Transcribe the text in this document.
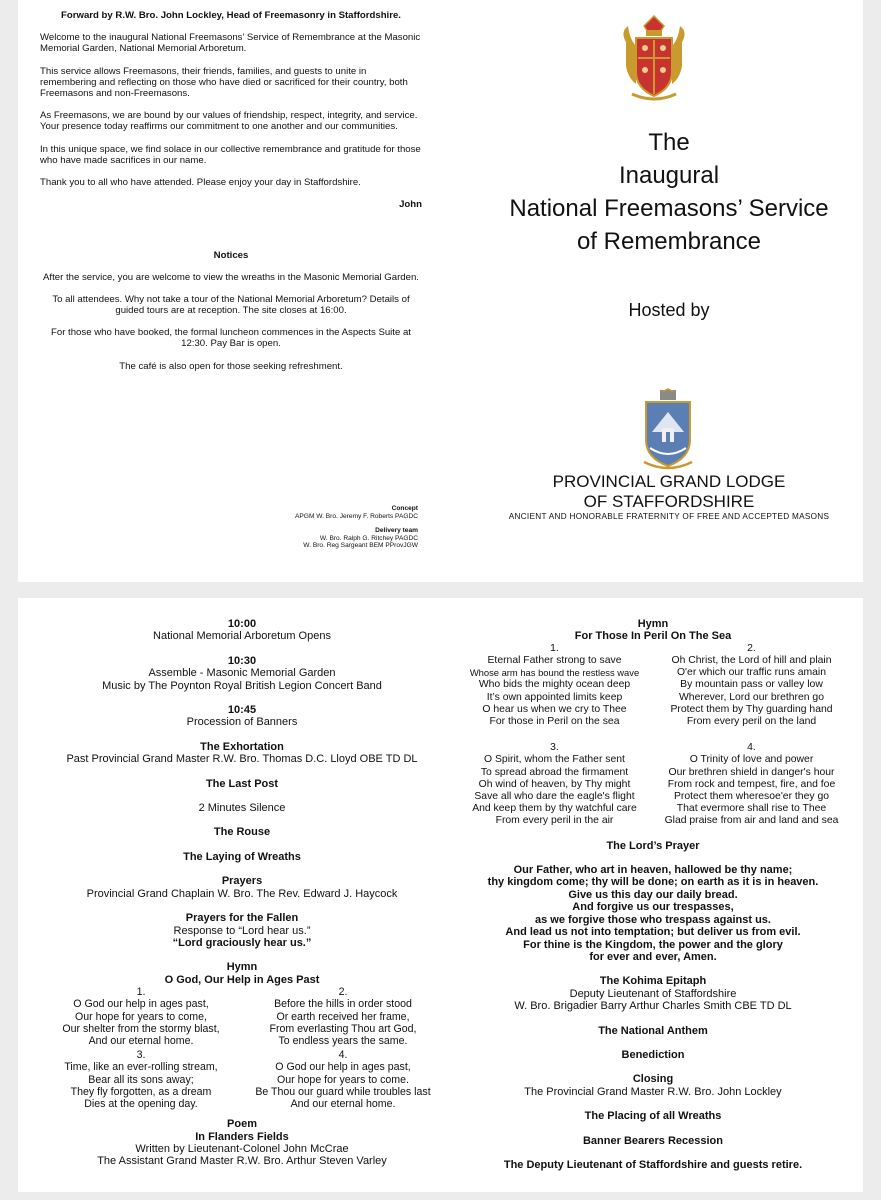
Forward by R.W. Bro. John Lockley, Head of Freemasonry in Staffordshire.

Welcome to the inaugural National Freemasons’ Service of Remembrance at the Masonic Memorial Garden, National Memorial Arboretum.

This service allows Freemasons, their friends, families, and guests to unite in remembering and reflecting on those who have died or sacrificed for their country, both Freemasons and non-Freemasons.

As Freemasons, we are bound by our values of friendship, respect, integrity, and service. Your presence today reaffirms our commitment to one another and our communities.

In this unique space, we find solace in our collective remembrance and gratitude for those who have made sacrifices in our name.

Thank you to all who have attended. Please enjoy your day in Staffordshire.

John

Notices

After the service, you are welcome to view the wreaths in the Masonic Memorial Garden.

To all attendees. Why not take a tour of the National Memorial Arboretum? Details of guided tours are at reception. The site closes at 16:00.

For those who have booked, the formal luncheon commences in the Aspects Suite at 12:30. Pay Bar is open.

The café is also open for those seeking refreshment.

Concept
APGM W. Bro. Jeremy F. Roberts PAGDC
Delivery team
W. Bro. Ralph G. Ritchey PAGDC
W. Bro. Reg Sargeant BEM PProvJGW
The
Inaugural
National Freemasons’ Service
of Remembrance
Hosted by
PROVINCIAL GRAND LODGE
OF STAFFORDSHIRE
ANCIENT AND HONORABLE FRATERNITY OF FREE AND ACCEPTED MASONS
10:00
National Memorial Arboretum Opens
10:30
Assemble - Masonic Memorial Garden
Music by The Poynton Royal British Legion Concert Band
10:45
Procession of Banners
The Exhortation
Past Provincial Grand Master R.W. Bro. Thomas D.C. Lloyd OBE TD DL
The Last Post
2 Minutes Silence
The Rouse
The Laying of Wreaths
Prayers
Provincial Grand Chaplain W. Bro. The Rev. Edward J. Haycock
Prayers for the Fallen
Response to “Lord hear us.”
“Lord graciously hear us.”
Hymn
O God, Our Help in Ages Past
1.
O God our help in ages past,
Our hope for years to come,
Our shelter from the stormy blast,
And our eternal home.
2.
Before the hills in order stood
Or earth received her frame,
From everlasting Thou art God,
To endless years the same.
3.
Time, like an ever-rolling stream,
Bear all its sons away;
They fly forgotten, as a dream
Dies at the opening day.
4.
O God our help in ages past,
Our hope for years to come.
Be Thou our guard while troubles last
And our eternal home.
Poem
In Flanders Fields
Written by Lieutenant-Colonel John McCrae
The Assistant Grand Master R.W. Bro. Arthur Steven Varley
Hymn
For Those In Peril On The Sea
1.
Eternal Father strong to save
Whose arm has bound the restless wave
Who bids the mighty ocean deep
It’s own appointed limits keep
O hear us when we cry to Thee
For those in Peril on the sea
2.
Oh Christ, the Lord of hill and plain
O'er which our traffic runs amain
By mountain pass or valley low
Wherever, Lord our brethren go
Protect them by Thy guarding hand
From every peril on the land
3.
O Spirit, whom the Father sent
To spread abroad the firmament
Oh wind of heaven, by Thy might
Save all who dare the eagle's flight
And keep them by thy watchful care
From every peril in the air
4.
O Trinity of love and power
Our brethren shield in danger's hour
From rock and tempest, fire, and foe
Protect them wheresoe'er they go
That evermore shall rise to Thee
Glad praise from air and land and sea
The Lord’s Prayer
Our Father, who art in heaven, hallowed be thy name;
thy kingdom come; thy will be done; on earth as it is in heaven.
Give us this day our daily bread.
And forgive us our trespasses,
as we forgive those who trespass against us.
And lead us not into temptation; but deliver us from evil.
For thine is the Kingdom, the power and the glory
for ever and ever, Amen.
The Kohima Epitaph
Deputy Lieutenant of Staffordshire
W. Bro. Brigadier Barry Arthur Charles Smith CBE TD DL
The National Anthem
Benediction
Closing
The Provincial Grand Master R.W. Bro. John Lockley
The Placing of all Wreaths
Banner Bearers Recession
The Deputy Lieutenant of Staffordshire and guests retire.
